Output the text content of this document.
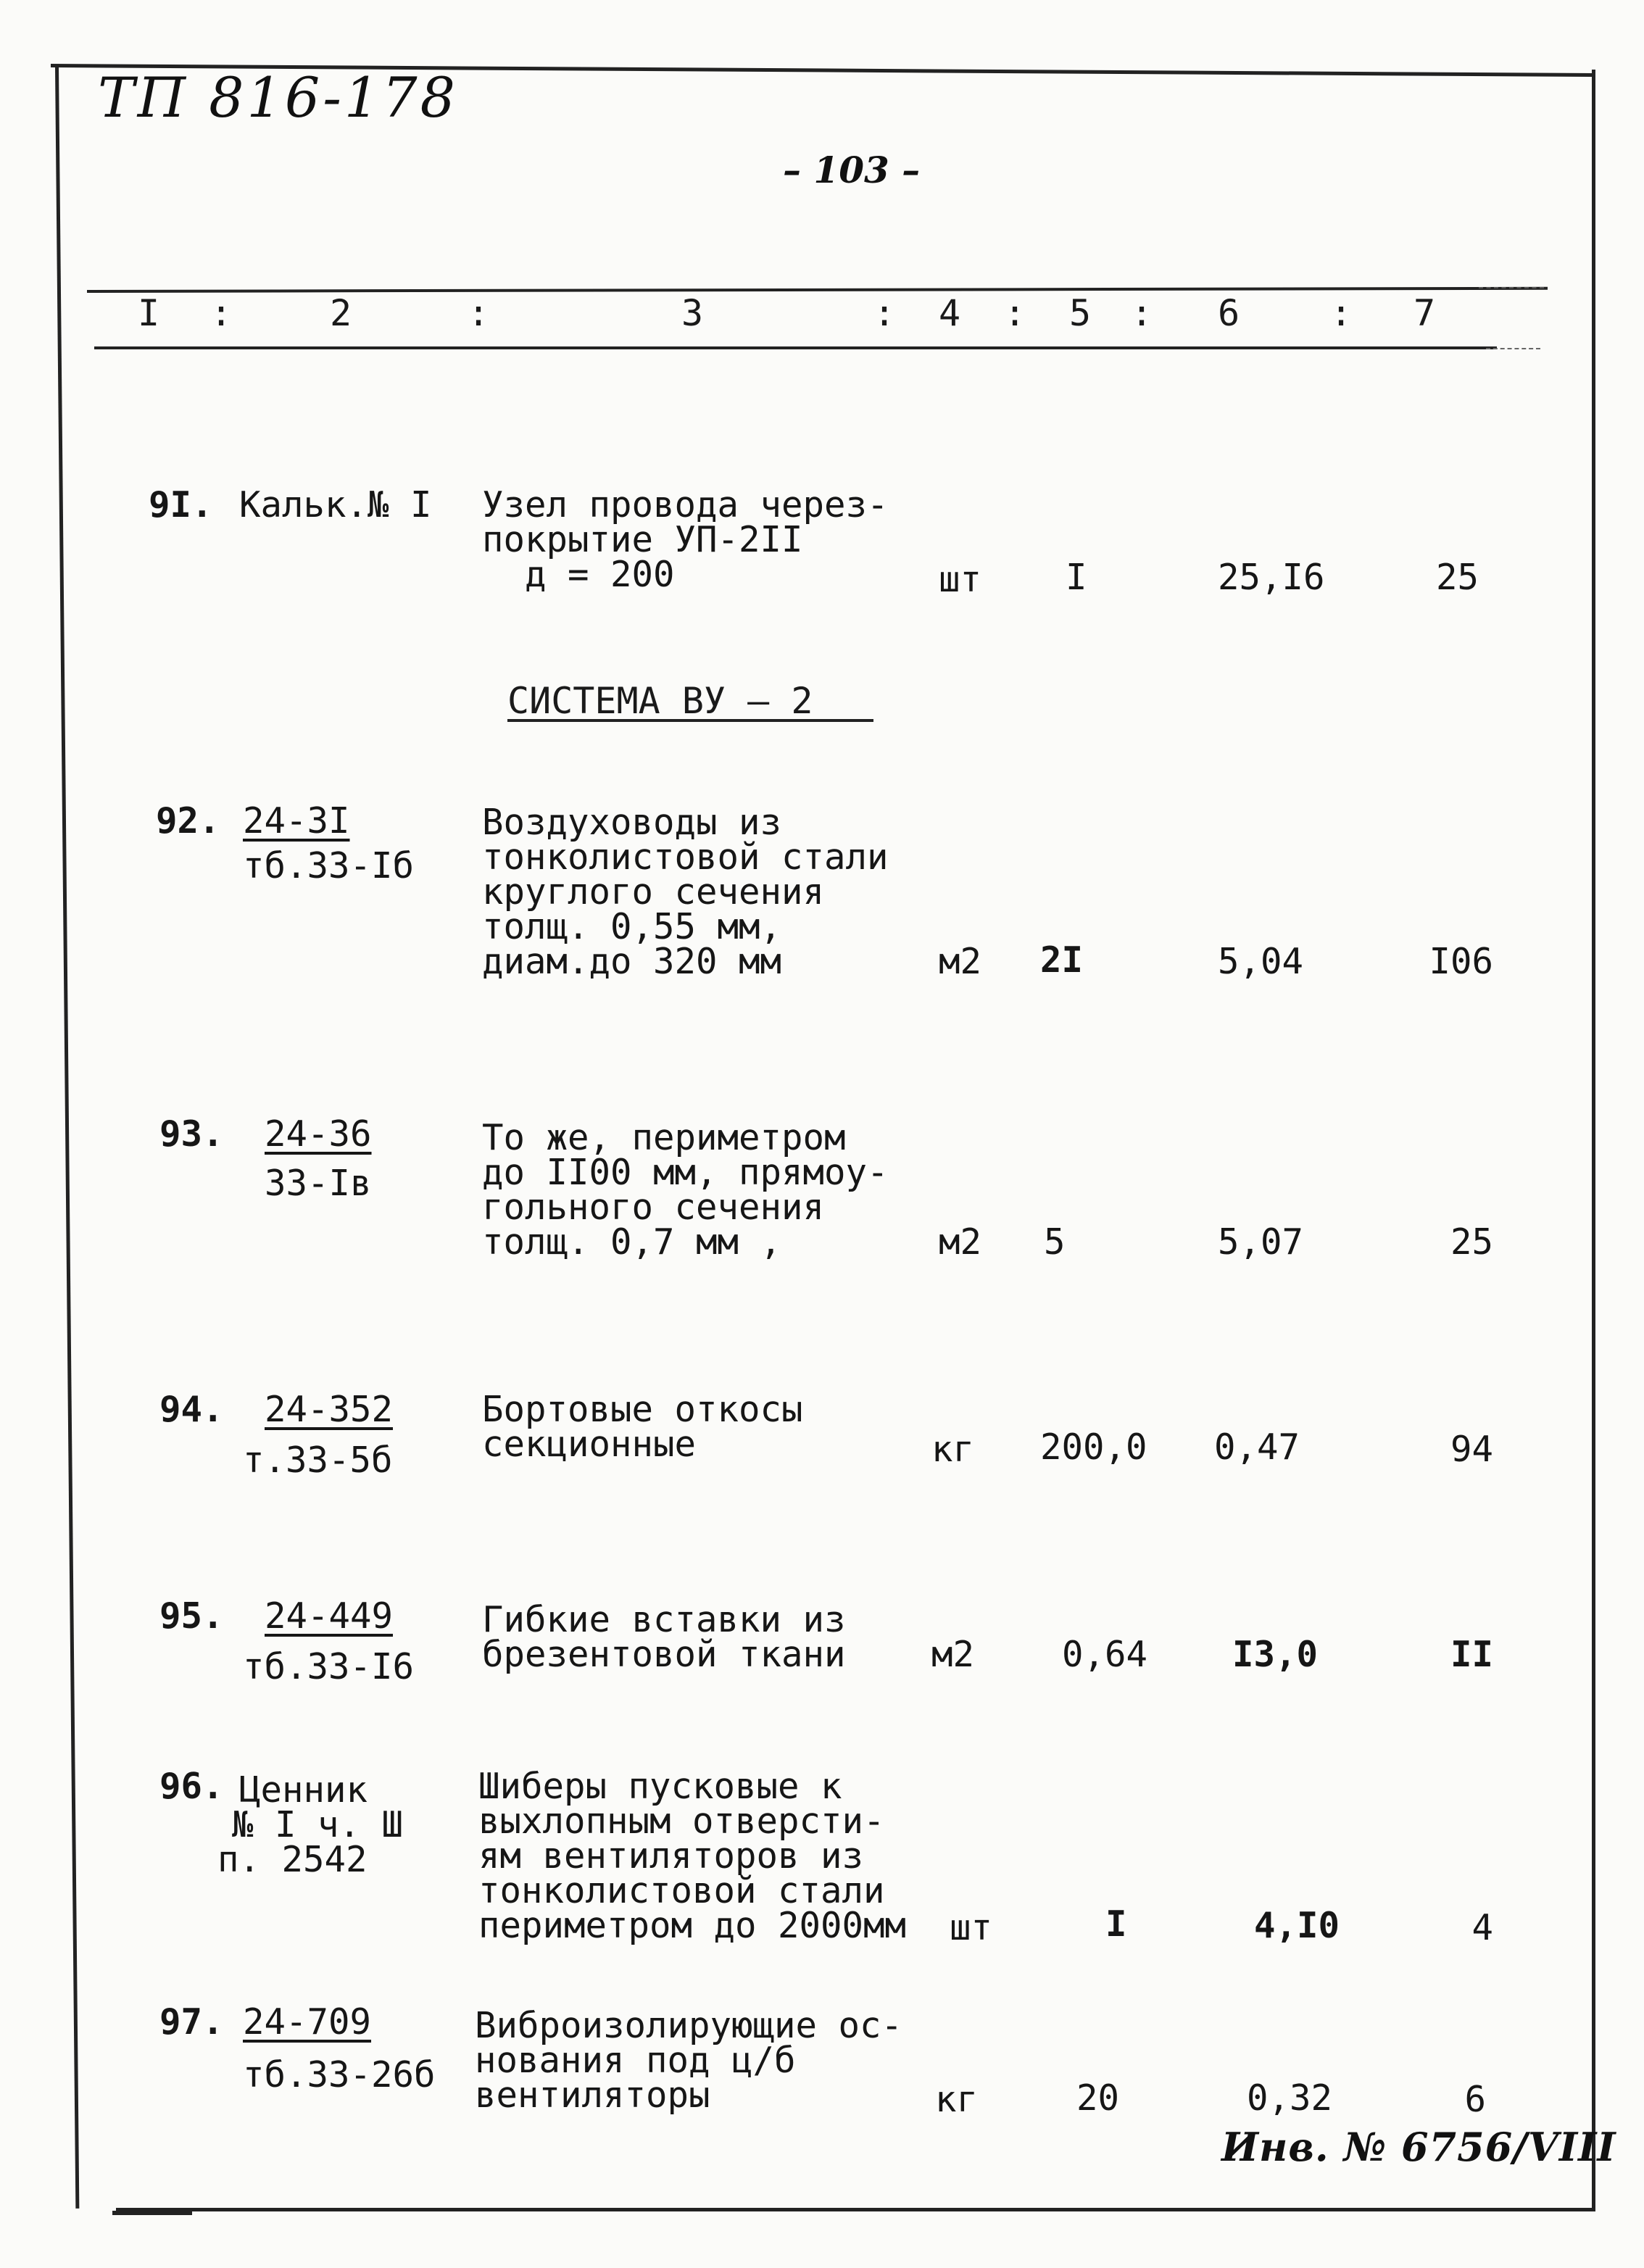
ТП 816-178
– 103 –
I :	2	:	3	: 4 : 5 : 6 : 7
9I. Кальк.№ I Узел провода через-
покрытие УП-2II
д = 200	шт I	25,I6	25
СИСТЕМА ВУ – 2
92. 24-3I
тб.33-Iб
Воздуховоды из
тонколистовой стали
круглого сечения
толщ. 0,55 мм,
диам.до 320 мм	м2 2I	5,04	I06
93. 24-36
33-Iв
То же, периметром
до II00 мм, прямоу-
гольного сечения
толщ. 0,7 мм ,	м2 5	5,07	25
94. 24-352
т.33-5б
Бортовые откосы
секционные	кг 200,0 0,47	94
95. 24-449
тб.33-I6
Гибкие вставки из
брезентовой ткани м2 0,64 I3,0	II
96. Ценник
№ I ч. Ш
п. 2542
Шиберы пусковые к
выхлопным отверсти-
ям вентиляторов из
тонколистовой стали
периметром до 2000мм шт	I	4,I0	4
97. 24-709
тб.33-26б
Виброизолирующие ос-
нования под ц/б
вентиляторы	кг	20	0,32	6
Инв. № 6756/VIII
